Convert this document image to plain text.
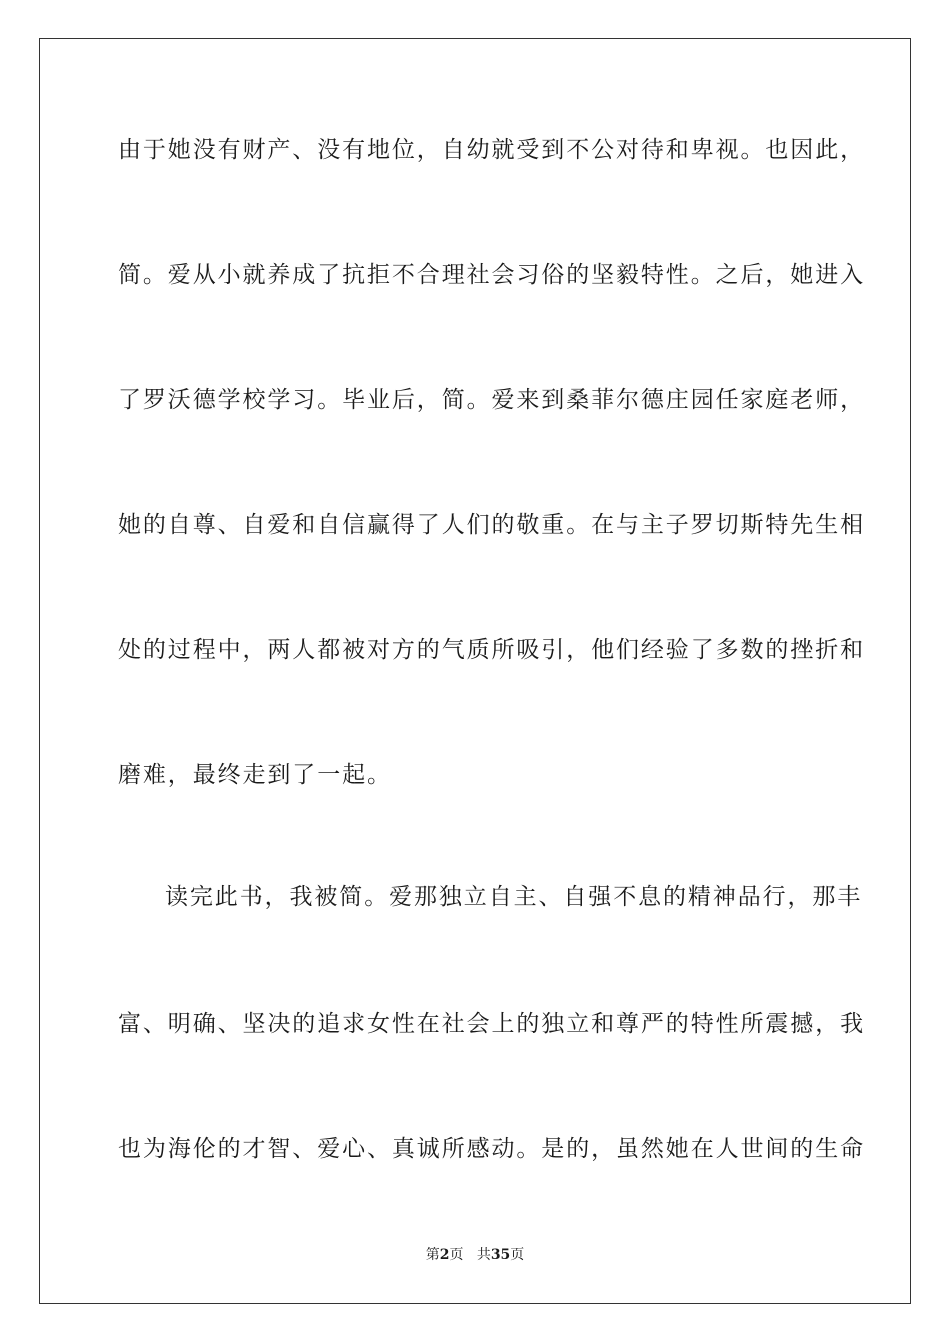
由于她没有财产、没有地位，自幼就受到不公对待和卑视。也因此，
简。爱从小就养成了抗拒不合理社会习俗的坚毅特性。之后，她进入
了罗沃德学校学习。毕业后，简。爱来到桑菲尔德庄园任家庭老师，
她的自尊、自爱和自信赢得了人们的敬重。在与主子罗切斯特先生相
处的过程中，两人都被对方的气质所吸引，他们经验了多数的挫折和
磨难，最终走到了一起。
读完此书，我被简。爱那独立自主、自强不息的精神品行，那丰
富、明确、坚决的追求女性在社会上的独立和尊严的特性所震撼，我
也为海伦的才智、爱心、真诚所感动。是的，虽然她在人世间的生命
第2页 共35页
